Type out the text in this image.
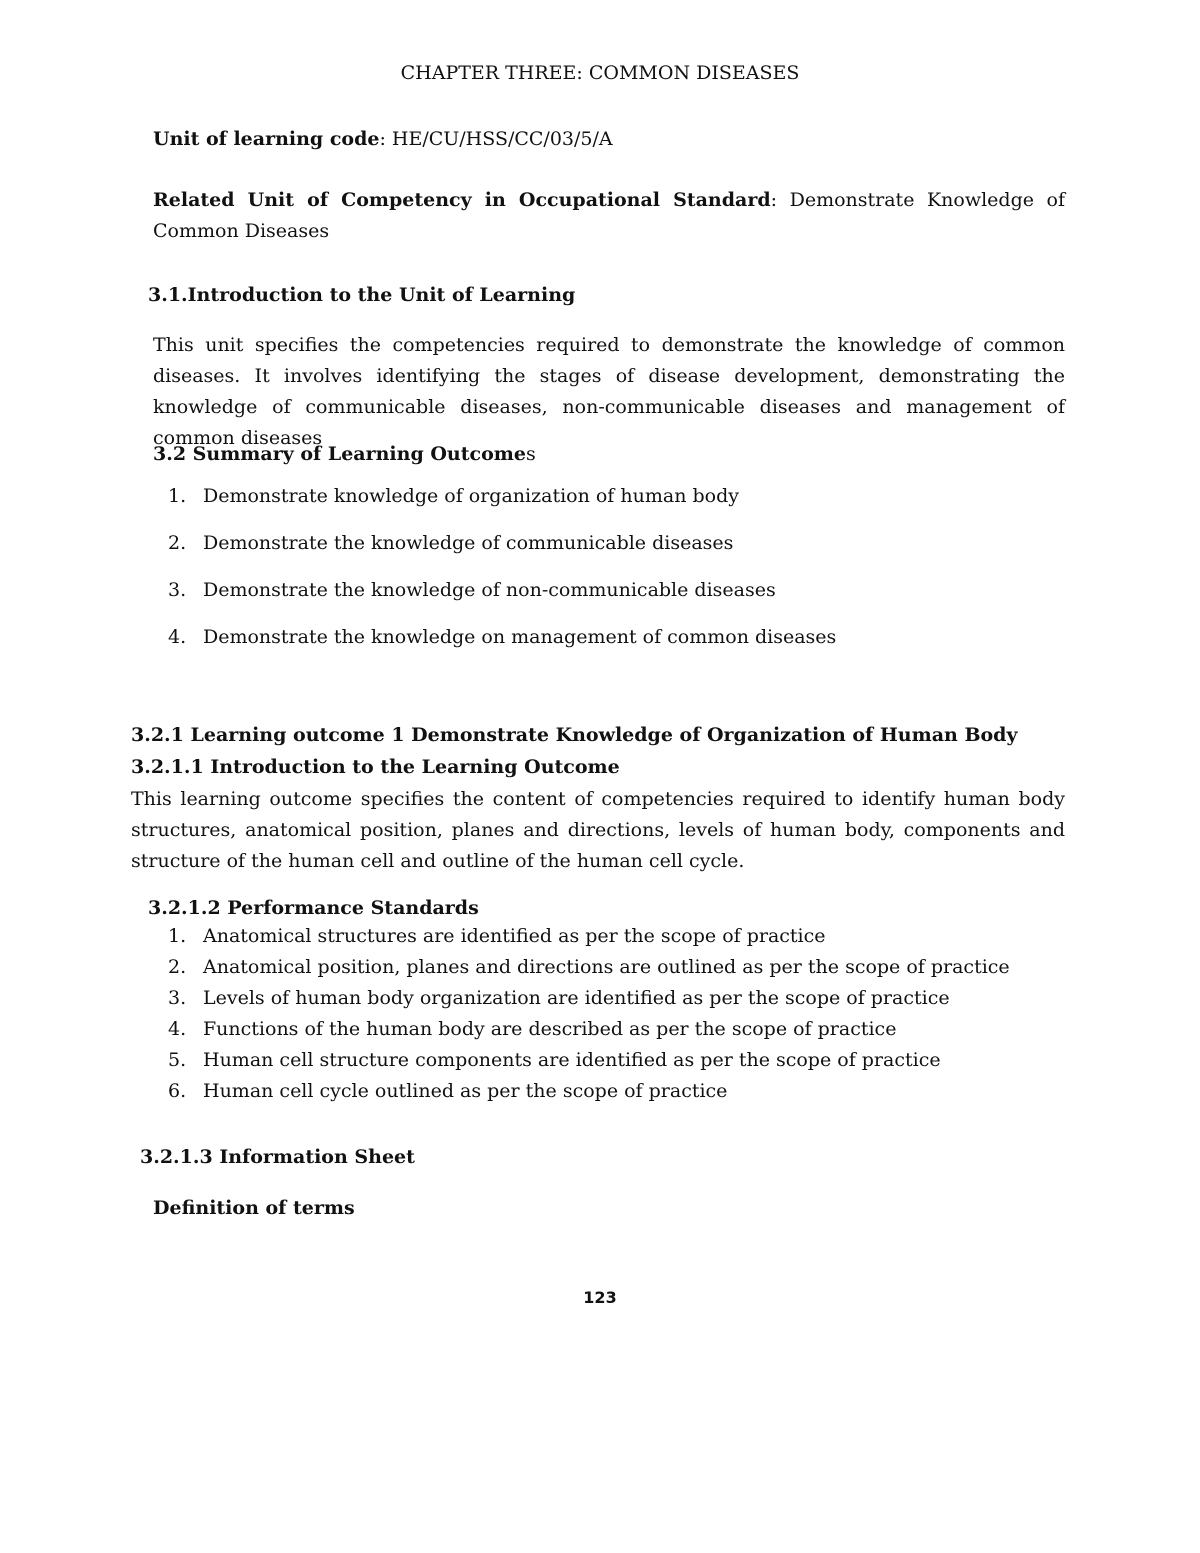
CHAPTER THREE: COMMON DISEASES

Unit of learning code: HE/CU/HSS/CC/03/5/A

Related Unit of Competency in Occupational Standard: Demonstrate Knowledge of Common Diseases

3.1.Introduction to the Unit of Learning

This unit specifies the competencies required to demonstrate the knowledge of common diseases. It involves identifying the stages of disease development, demonstrating the knowledge of communicable diseases, non-communicable diseases and management of common diseases

3.2 Summary of Learning Outcomes

1. Demonstrate knowledge of organization of human body
2. Demonstrate the knowledge of communicable diseases
3. Demonstrate the knowledge of non-communicable diseases
4. Demonstrate the knowledge on management of common diseases

3.2.1 Learning outcome 1 Demonstrate Knowledge of Organization of Human Body

3.2.1.1 Introduction to the Learning Outcome

This learning outcome specifies the content of competencies required to identify human body structures, anatomical position, planes and directions, levels of human body, components and structure of the human cell and outline of the human cell cycle.

3.2.1.2 Performance Standards

1. Anatomical structures are identified as per the scope of practice
2. Anatomical position, planes and directions are outlined as per the scope of practice
3. Levels of human body organization are identified as per the scope of practice
4. Functions of the human body are described as per the scope of practice
5. Human cell structure components are identified as per the scope of practice
6. Human cell cycle outlined as per the scope of practice

3.2.1.3 Information Sheet

Definition of terms

123
